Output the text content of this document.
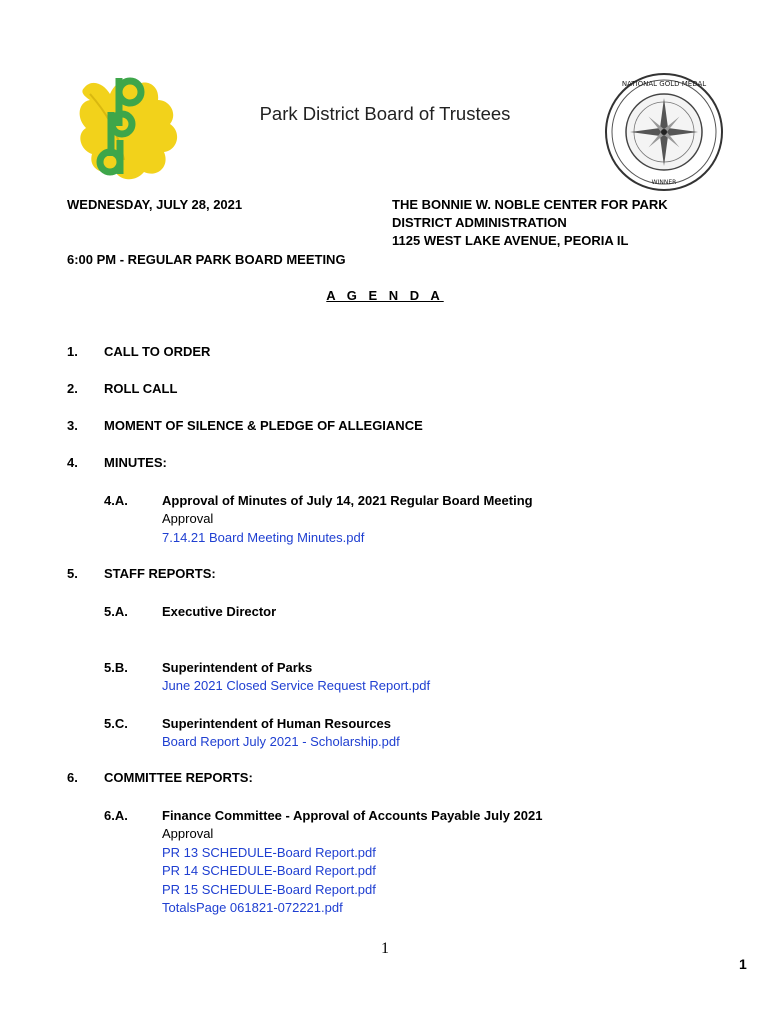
NATIONAL GOLD MEDAL
WINNER
Park District Board of Trustees
WEDNESDAY, JULY 28, 2021	THE BONNIE W. NOBLE CENTER FOR PARK
DISTRICT ADMINISTRATION
1125 WEST LAKE AVENUE, PEORIA IL
6:00 PM - REGULAR PARK BOARD MEETING
A G E N D A
1. CALL TO ORDER
2. ROLL CALL
3. MOMENT OF SILENCE & PLEDGE OF ALLEGIANCE
4. MINUTES:
4.A.	Approval of Minutes of July 14, 2021 Regular Board Meeting
Approval
7.14.21 Board Meeting Minutes.pdf
5. STAFF REPORTS:
5.A.	Executive Director
5.B.	Superintendent of Parks
June 2021 Closed Service Request Report.pdf
5.C.	Superintendent of Human Resources
Board Report July 2021 - Scholarship.pdf
6. COMMITTEE REPORTS:
6.A.	Finance Committee - Approval of Accounts Payable July 2021
Approval
PR 13 SCHEDULE-Board Report.pdf
PR 14 SCHEDULE-Board Report.pdf
PR 15 SCHEDULE-Board Report.pdf
TotalsPage 061821-072221.pdf
1
1
